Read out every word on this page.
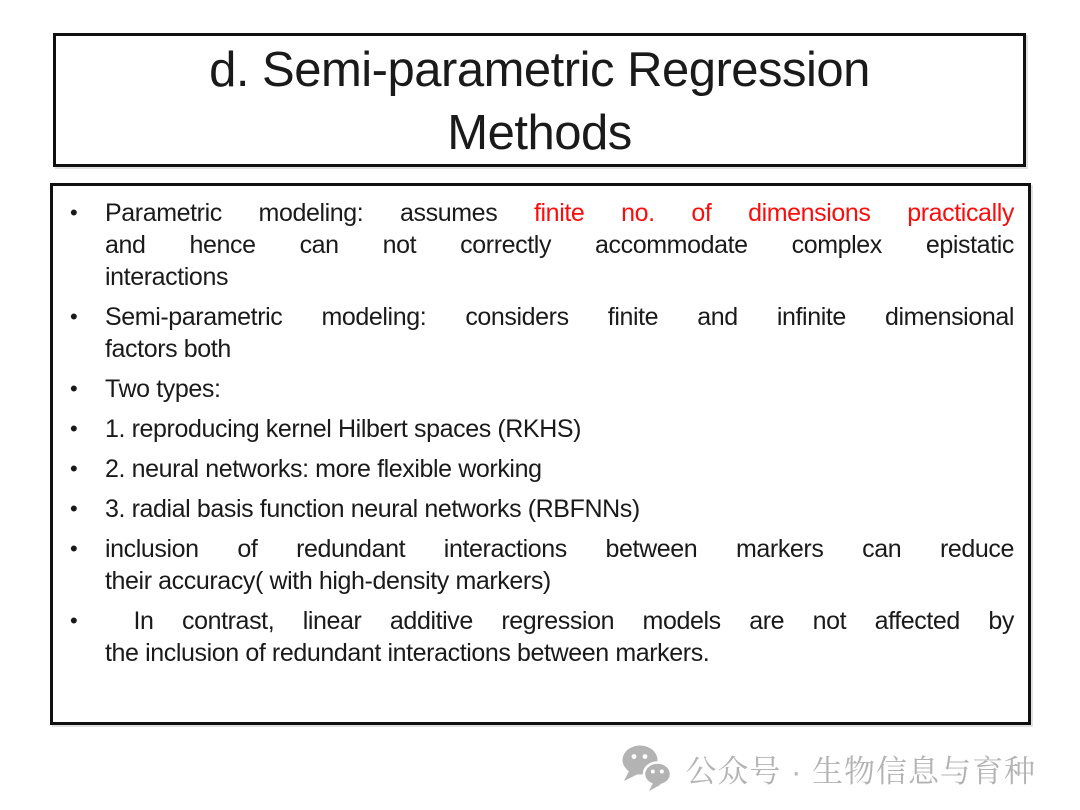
d. Semi-parametric Regression
Methods
•	Parametric modeling: assumes finite no. of dimensions practically
and hence can not correctly accommodate complex epistatic
interactions
•	Semi-parametric modeling: considers finite and infinite dimensional
factors both
•	Two types:
•	1. reproducing kernel Hilbert spaces (RKHS)
•	2. neural networks: more flexible working
•	3. radial basis function neural networks (RBFNNs)
•	inclusion of redundant interactions between markers can reduce
their accuracy( with high-density markers)
•	In contrast, linear additive regression models are not affected by
the inclusion of redundant interactions between markers.
公众号 · 生物信息与育种
